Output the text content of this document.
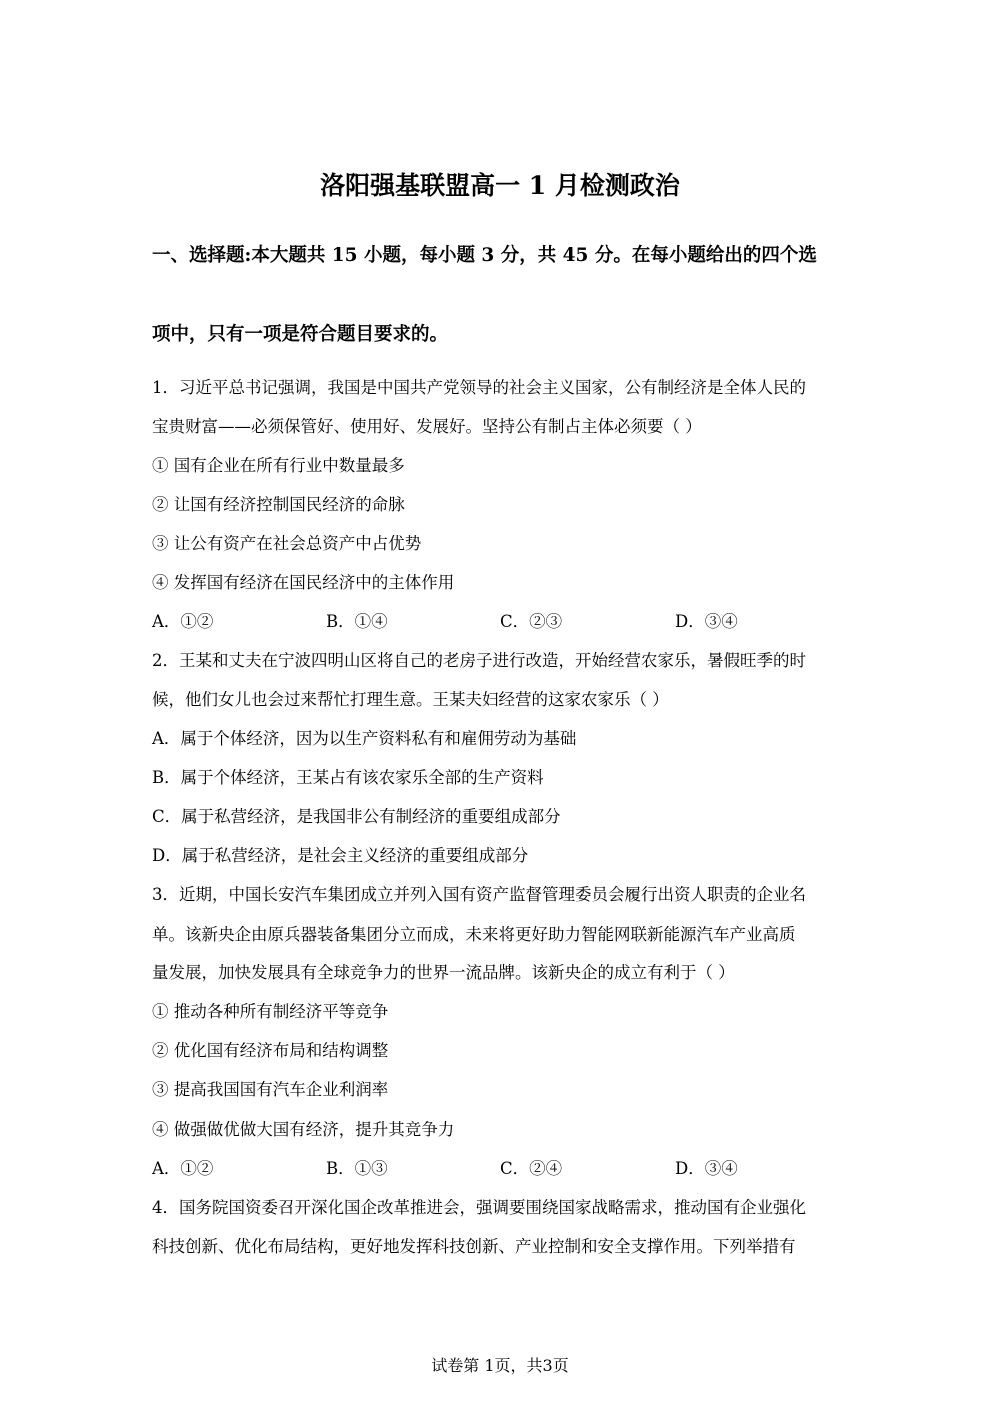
洛阳强基联盟高一 1 月检测政治
一、选择题:本大题共 15 小题，每小题 3 分，共 45 分。在每小题给出的四个选
项中，只有一项是符合题目要求的。
1．习近平总书记强调，我国是中国共产党领导的社会主义国家，公有制经济是全体人民的
宝贵财富——必须保管好、使用好、发展好。坚持公有制占主体必须要（ ）
① 国有企业在所有行业中数量最多
② 让国有经济控制国民经济的命脉
③ 让公有资产在社会总资产中占优势
④ 发挥国有经济在国民经济中的主体作用
A．①②	B．①④	C．②③	D．③④
2．王某和丈夫在宁波四明山区将自己的老房子进行改造，开始经营农家乐，暑假旺季的时
候，他们女儿也会过来帮忙打理生意。王某夫妇经营的这家农家乐（ ）
A．属于个体经济，因为以生产资料私有和雇佣劳动为基础
B．属于个体经济，王某占有该农家乐全部的生产资料
C．属于私营经济，是我国非公有制经济的重要组成部分
D．属于私营经济，是社会主义经济的重要组成部分
3．近期，中国长安汽车集团成立并列入国有资产监督管理委员会履行出资人职责的企业名
单。该新央企由原兵器装备集团分立而成，未来将更好助力智能网联新能源汽车产业高质
量发展，加快发展具有全球竞争力的世界一流品牌。该新央企的成立有利于（ ）
① 推动各种所有制经济平等竞争
② 优化国有经济布局和结构调整
③ 提高我国国有汽车企业利润率
④ 做强做优做大国有经济，提升其竞争力
A．①②	B．①③	C．②④	D．③④
4．国务院国资委召开深化国企改革推进会，强调要围绕国家战略需求，推动国有企业强化
科技创新、优化布局结构，更好地发挥科技创新、产业控制和安全支撑作用。下列举措有
试卷第 1页，共3页
